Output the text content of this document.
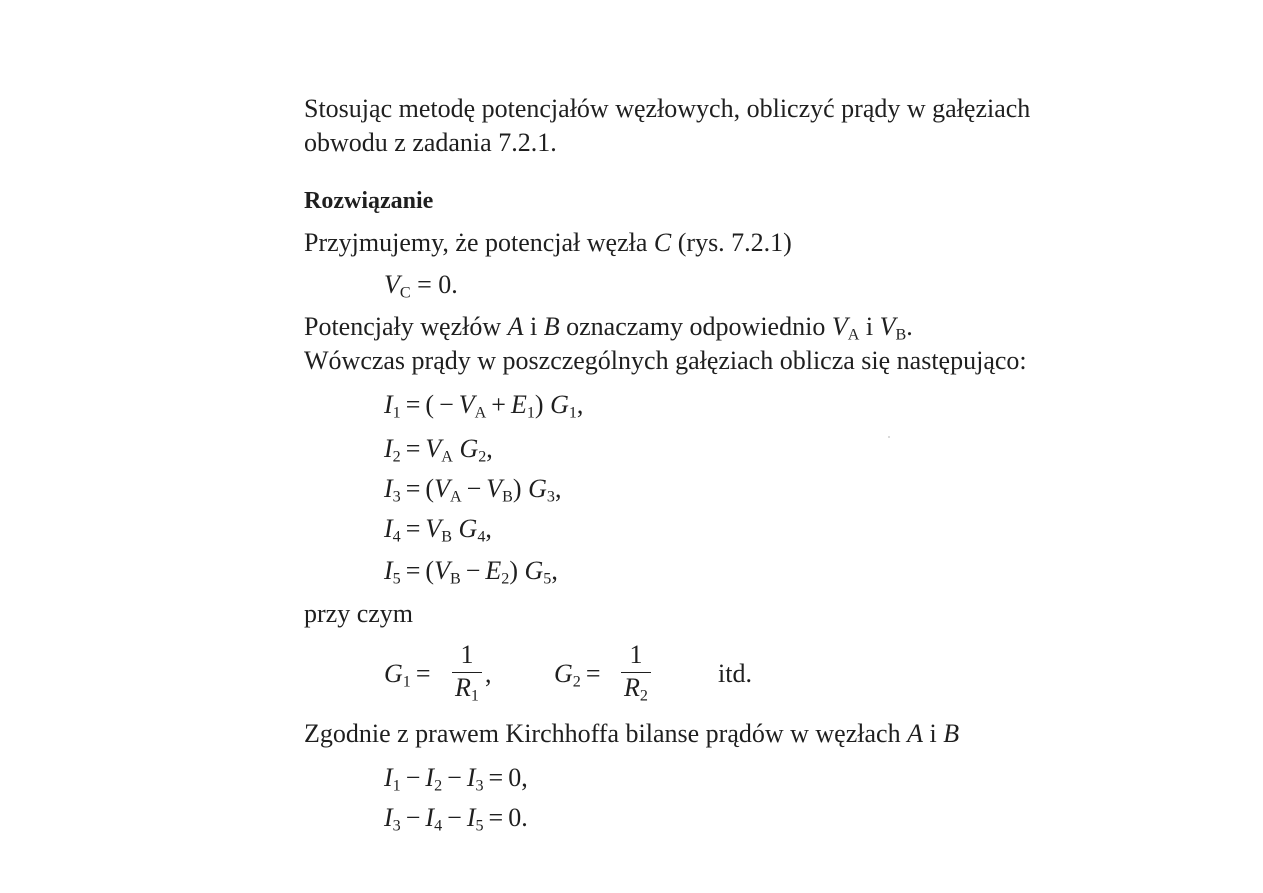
Stosując metodę potencjałów węzłowych, obliczyć prądy w gałęziach
obwodu z zadania 7.2.1.
Rozwiązanie
Przyjmujemy, że potencjał węzła C (rys. 7.2.1)
$V_C = 0$.
Potencjały węzłów A i B oznaczamy odpowiednio $V_A$ i $V_B$.
Wówczas prądy w poszczególnych gałęziach oblicza się następująco:
$I_1$ = ( − $V_A + E_1$) $G_1$,
$I_2 = V_A$ $G_2$,
$I_3 = (V_A - V_B)$ $G_3$,
$I_4 = V_B$ $G_4$,
$I_5 = (V_B - E_2)$ $G_5$,
przy czym
$G_1$ =
1
$R_1$
, $G_2$ =
1
$R_2$
itd.
Zgodnie z prawem Kirchhoffa bilanse prądów w węzłach A i B
$I_1 - I_2 - I_3 = 0$,
$I_3 - I_4 - I_5 = 0$.
